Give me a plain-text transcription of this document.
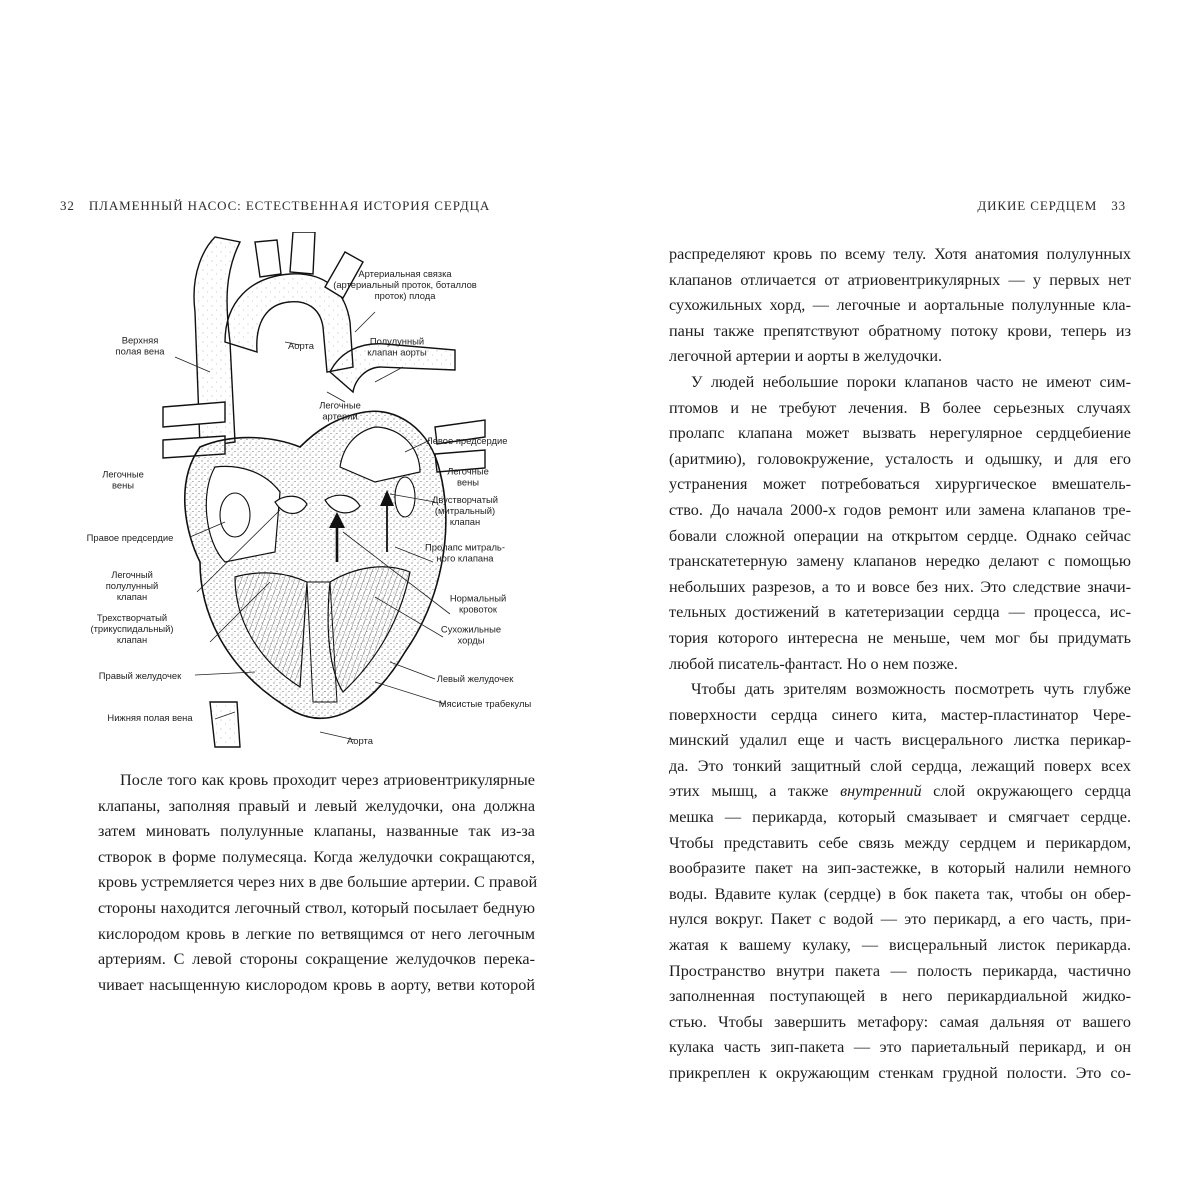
32 ПЛАМЕННЫЙ НАСОС: ЕСТЕСТВЕННАЯ ИСТОРИЯ СЕРДЦА	ДИКИЕ СЕРДЦЕМ 33
Артериальная связка (артериальный проток, боталлов проток) плода
Верхняя полая вена	Аорта	Полулунный клапан аорты
Легочные артерии
Левое предсердие
Легочные вены
Легочные вены
Двустворчатый (митральный) клапан
Правое предсердие
Пролапс митраль-ного клапана
Легочный полулунный клапан
Трехстворчатый (трикуспидальный) клапан
Нормальный кровоток
Сухожильные хорды
Правый желудочек	Левый желудочек
Нижняя полая вена
Мясистые трабекулы
Аорта

После того как кровь проходит через атриовентрикулярные
клапаны, заполняя правый и левый желудочки, она должна
затем миновать полулунные клапаны, названные так из-за
створок в форме полумесяца. Когда желудочки сокращаются,
кровь устремляется через них в две большие артерии. С правой
стороны находится легочный ствол, который посылает бедную
кислородом кровь в легкие по ветвящимся от него легочным
артериям. С левой стороны сокращение желудочков перека-
чивает насыщенную кислородом кровь в аорту, ветви которой

распределяют кровь по всему телу. Хотя анатомия полулунных
клапанов отличается от атриовентрикулярных — у первых нет
сухожильных хорд, — легочные и аортальные полулунные кла-
паны также препятствуют обратному потоку крови, теперь из
легочной артерии и аорты в желудочки.

У людей небольшие пороки клапанов часто не имеют сим-
птомов и не требуют лечения. В более серьезных случаях
пролапс клапана может вызвать нерегулярное сердцебиение
(аритмию), головокружение, усталость и одышку, и для его
устранения может потребоваться хирургическое вмешатель-
ство. До начала 2000-х годов ремонт или замена клапанов тре-
бовали сложной операции на открытом сердце. Однако сейчас
транскатетерную замену клапанов нередко делают с помощью
небольших разрезов, а то и вовсе без них. Это следствие значи-
тельных достижений в катетеризации сердца — процесса, ис-
тория которого интересна не меньше, чем мог бы придумать
любой писатель-фантаст. Но о нем позже.

Чтобы дать зрителям возможность посмотреть чуть глубже
поверхности сердца синего кита, мастер-пластинатор Чере-
минский удалил еще и часть висцерального листка перикар-
да. Это тонкий защитный слой сердца, лежащий поверх всех
этих мышц, а также внутренний слой окружающего сердца
мешка — перикарда, который смазывает и смягчает сердце.
Чтобы представить себе связь между сердцем и перикардом,
вообразите пакет на зип-застежке, в который налили немного
воды. Вдавите кулак (сердце) в бок пакета так, чтобы он обер-
нулся вокруг. Пакет с водой — это перикард, а его часть, при-
жатая к вашему кулаку, — висцеральный листок перикарда.
Пространство внутри пакета — полость перикарда, частично
заполненная поступающей в него перикардиальной жидко-
стью. Чтобы завершить метафору: самая дальняя от вашего
кулака часть зип-пакета — это париетальный перикард, и он
прикреплен к окружающим стенкам грудной полости. Это со-
